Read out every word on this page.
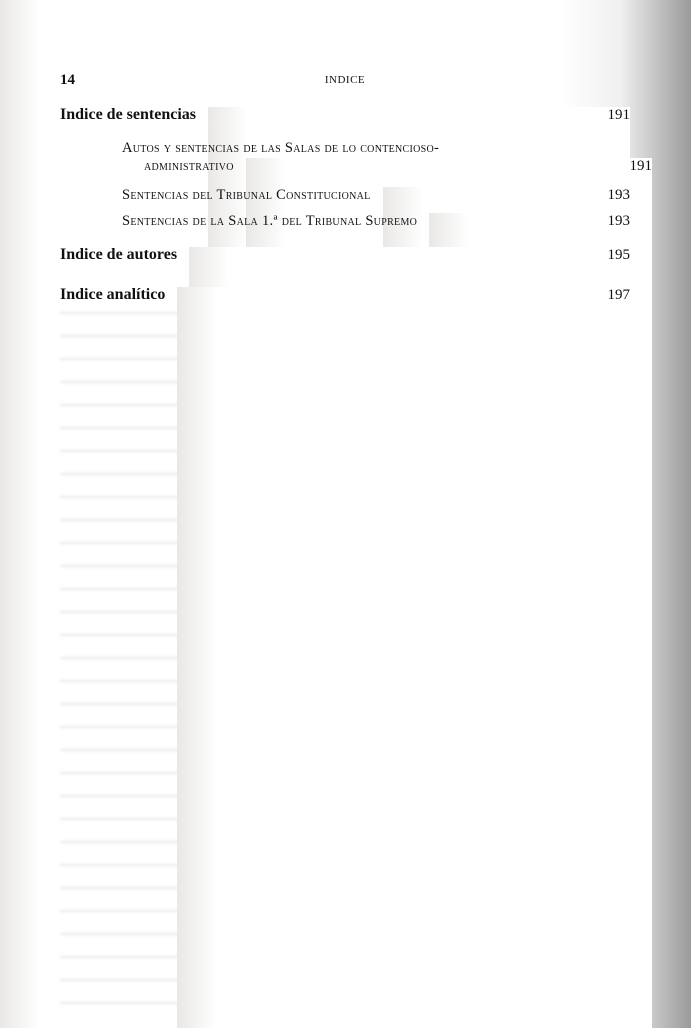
14	INDICE
Indice de sentencias	191
Autos y sentencias de las Salas de lo contencioso-
administrativo	191
Sentencias del Tribunal Constitucional	193
Sentencias de la Sala 1.ª del Tribunal Supremo	193
Indice de autores	195
Indice analítico	197
